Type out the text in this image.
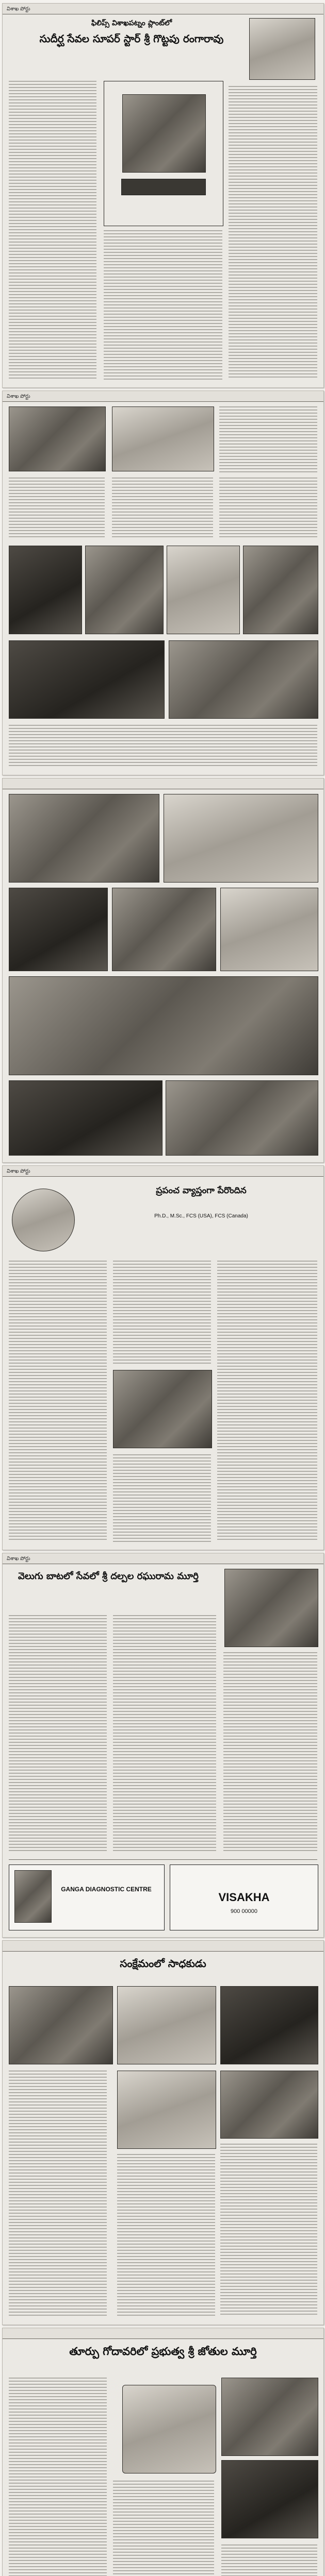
విశాఖ పోర్టు
ఫిలిప్స్ విశాఖపట్నం ప్లాంట్‌లో
సుదీర్ఘ సేవల సూపర్ స్టార్ శ్రీ గొట్టపు రంగారావు
విశాఖ పోర్టు
విశాఖ పోర్టు
ప్రపంచ వ్యాప్తంగా పేరొందిన
Ph.D., M.Sc., FCS (USA), FCS (Canada)
విశాఖ పోర్టు
వెలుగు బాటలో సేవలో శ్రీ దల్పల రఘురామ మూర్తి
GANGA DIAGNOSTIC CENTRE
VISAKHA
900 00000
సంక్షేమంలో సాధకుడు
తూర్పు గోదావరిలో ప్రభుత్వ శ్రీ జోతుల మూర్తి
